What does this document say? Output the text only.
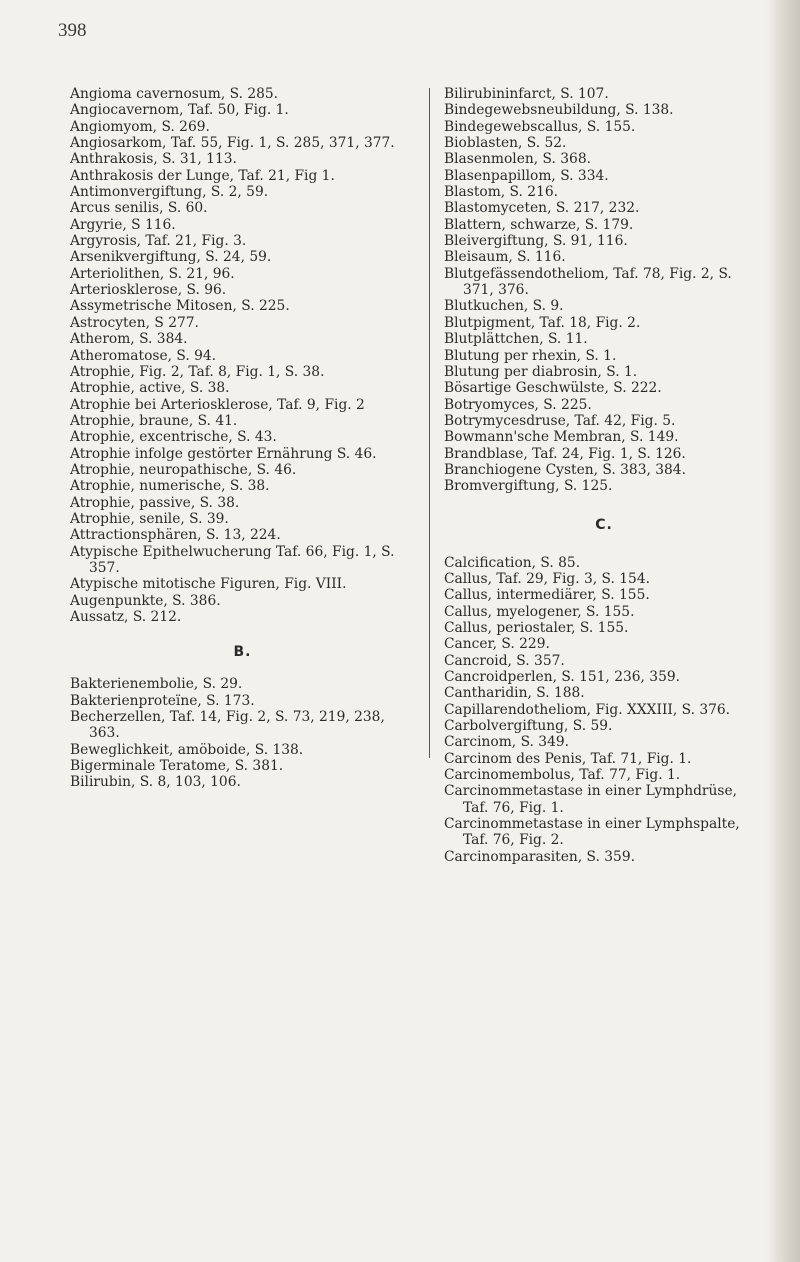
398
Angioma cavernosum, S. 285.
Angiocavernom, Taf. 50, Fig. 1.
Angiomyom, S. 269.
Angiosarkom, Taf. 55, Fig. 1, S. 285, 371, 377.
Anthrakosis, S. 31, 113.
Anthrakosis der Lunge, Taf. 21, Fig 1.
Antimonvergiftung, S. 2, 59.
Arcus senilis, S. 60.
Argyrie, S 116.
Argyrosis, Taf. 21, Fig. 3.
Arsenikvergiftung, S. 24, 59.
Arteriolithen, S. 21, 96.
Arteriosklerose, S. 96.
Assymetrische Mitosen, S. 225.
Astrocyten, S 277.
Atherom, S. 384.
Atheromatose, S. 94.
Atrophie, Fig. 2, Taf. 8, Fig. 1, S. 38.
Atrophie, active, S. 38.
Atrophie bei Arteriosklerose, Taf. 9, Fig. 2
Atrophie, braune, S. 41.
Atrophie, excentrische, S. 43.
Atrophie infolge gestörter Ernährung S. 46.
Atrophie, neuropathische, S. 46.
Atrophie, numerische, S. 38.
Atrophie, passive, S. 38.
Atrophie, senile, S. 39.
Attractionsphären, S. 13, 224.
Atypische Epithelwucherung Taf. 66, Fig. 1, S. 357.
Atypische mitotische Figuren, Fig. VIII.
Augenpunkte, S. 386.
Aussatz, S. 212.
B.
Bakterienembolie, S. 29.
Bakterienproteïne, S. 173.
Becherzellen, Taf. 14, Fig. 2, S. 73, 219, 238, 363.
Beweglichkeit, amöboide, S. 138.
Bigerminale Teratome, S. 381.
Bilirubin, S. 8, 103, 106.
Bilirubininfarct, S. 107.
Bindegewebsneubildung, S. 138.
Bindegewebscallus, S. 155.
Bioblasten, S. 52.
Blasenmolen, S. 368.
Blasenpapillom, S. 334.
Blastom, S. 216.
Blastomyceten, S. 217, 232.
Blattern, schwarze, S. 179.
Bleivergiftung, S. 91, 116.
Bleisaum, S. 116.
Blutgefässendotheliom, Taf. 78, Fig. 2, S. 371, 376.
Blutkuchen, S. 9.
Blutpigment, Taf. 18, Fig. 2.
Blutplättchen, S. 11.
Blutung per rhexin, S. 1.
Blutung per diabrosin, S. 1.
Bösartige Geschwülste, S. 222.
Botryomyces, S. 225.
Botrymycesdruse, Taf. 42, Fig. 5.
Bowmann'sche Membran, S. 149.
Brandblase, Taf. 24, Fig. 1, S. 126.
Branchiogene Cysten, S. 383, 384.
Bromvergiftung, S. 125.
C.
Calcification, S. 85.
Callus, Taf. 29, Fig. 3, S. 154.
Callus, intermediärer, S. 155.
Callus, myelogener, S. 155.
Callus, periostaler, S. 155.
Cancer, S. 229.
Cancroid, S. 357.
Cancroidperlen, S. 151, 236, 359.
Cantharidin, S. 188.
Capillarendotheliom, Fig. XXXIII, S. 376.
Carbolvergiftung, S. 59.
Carcinom, S. 349.
Carcinom des Penis, Taf. 71, Fig. 1.
Carcinomembolus, Taf. 77, Fig. 1.
Carcinommetastase in einer Lymphdrüse, Taf. 76, Fig. 1.
Carcinommetastase in einer Lymphspalte, Taf. 76, Fig. 2.
Carcinomparasiten, S. 359.
